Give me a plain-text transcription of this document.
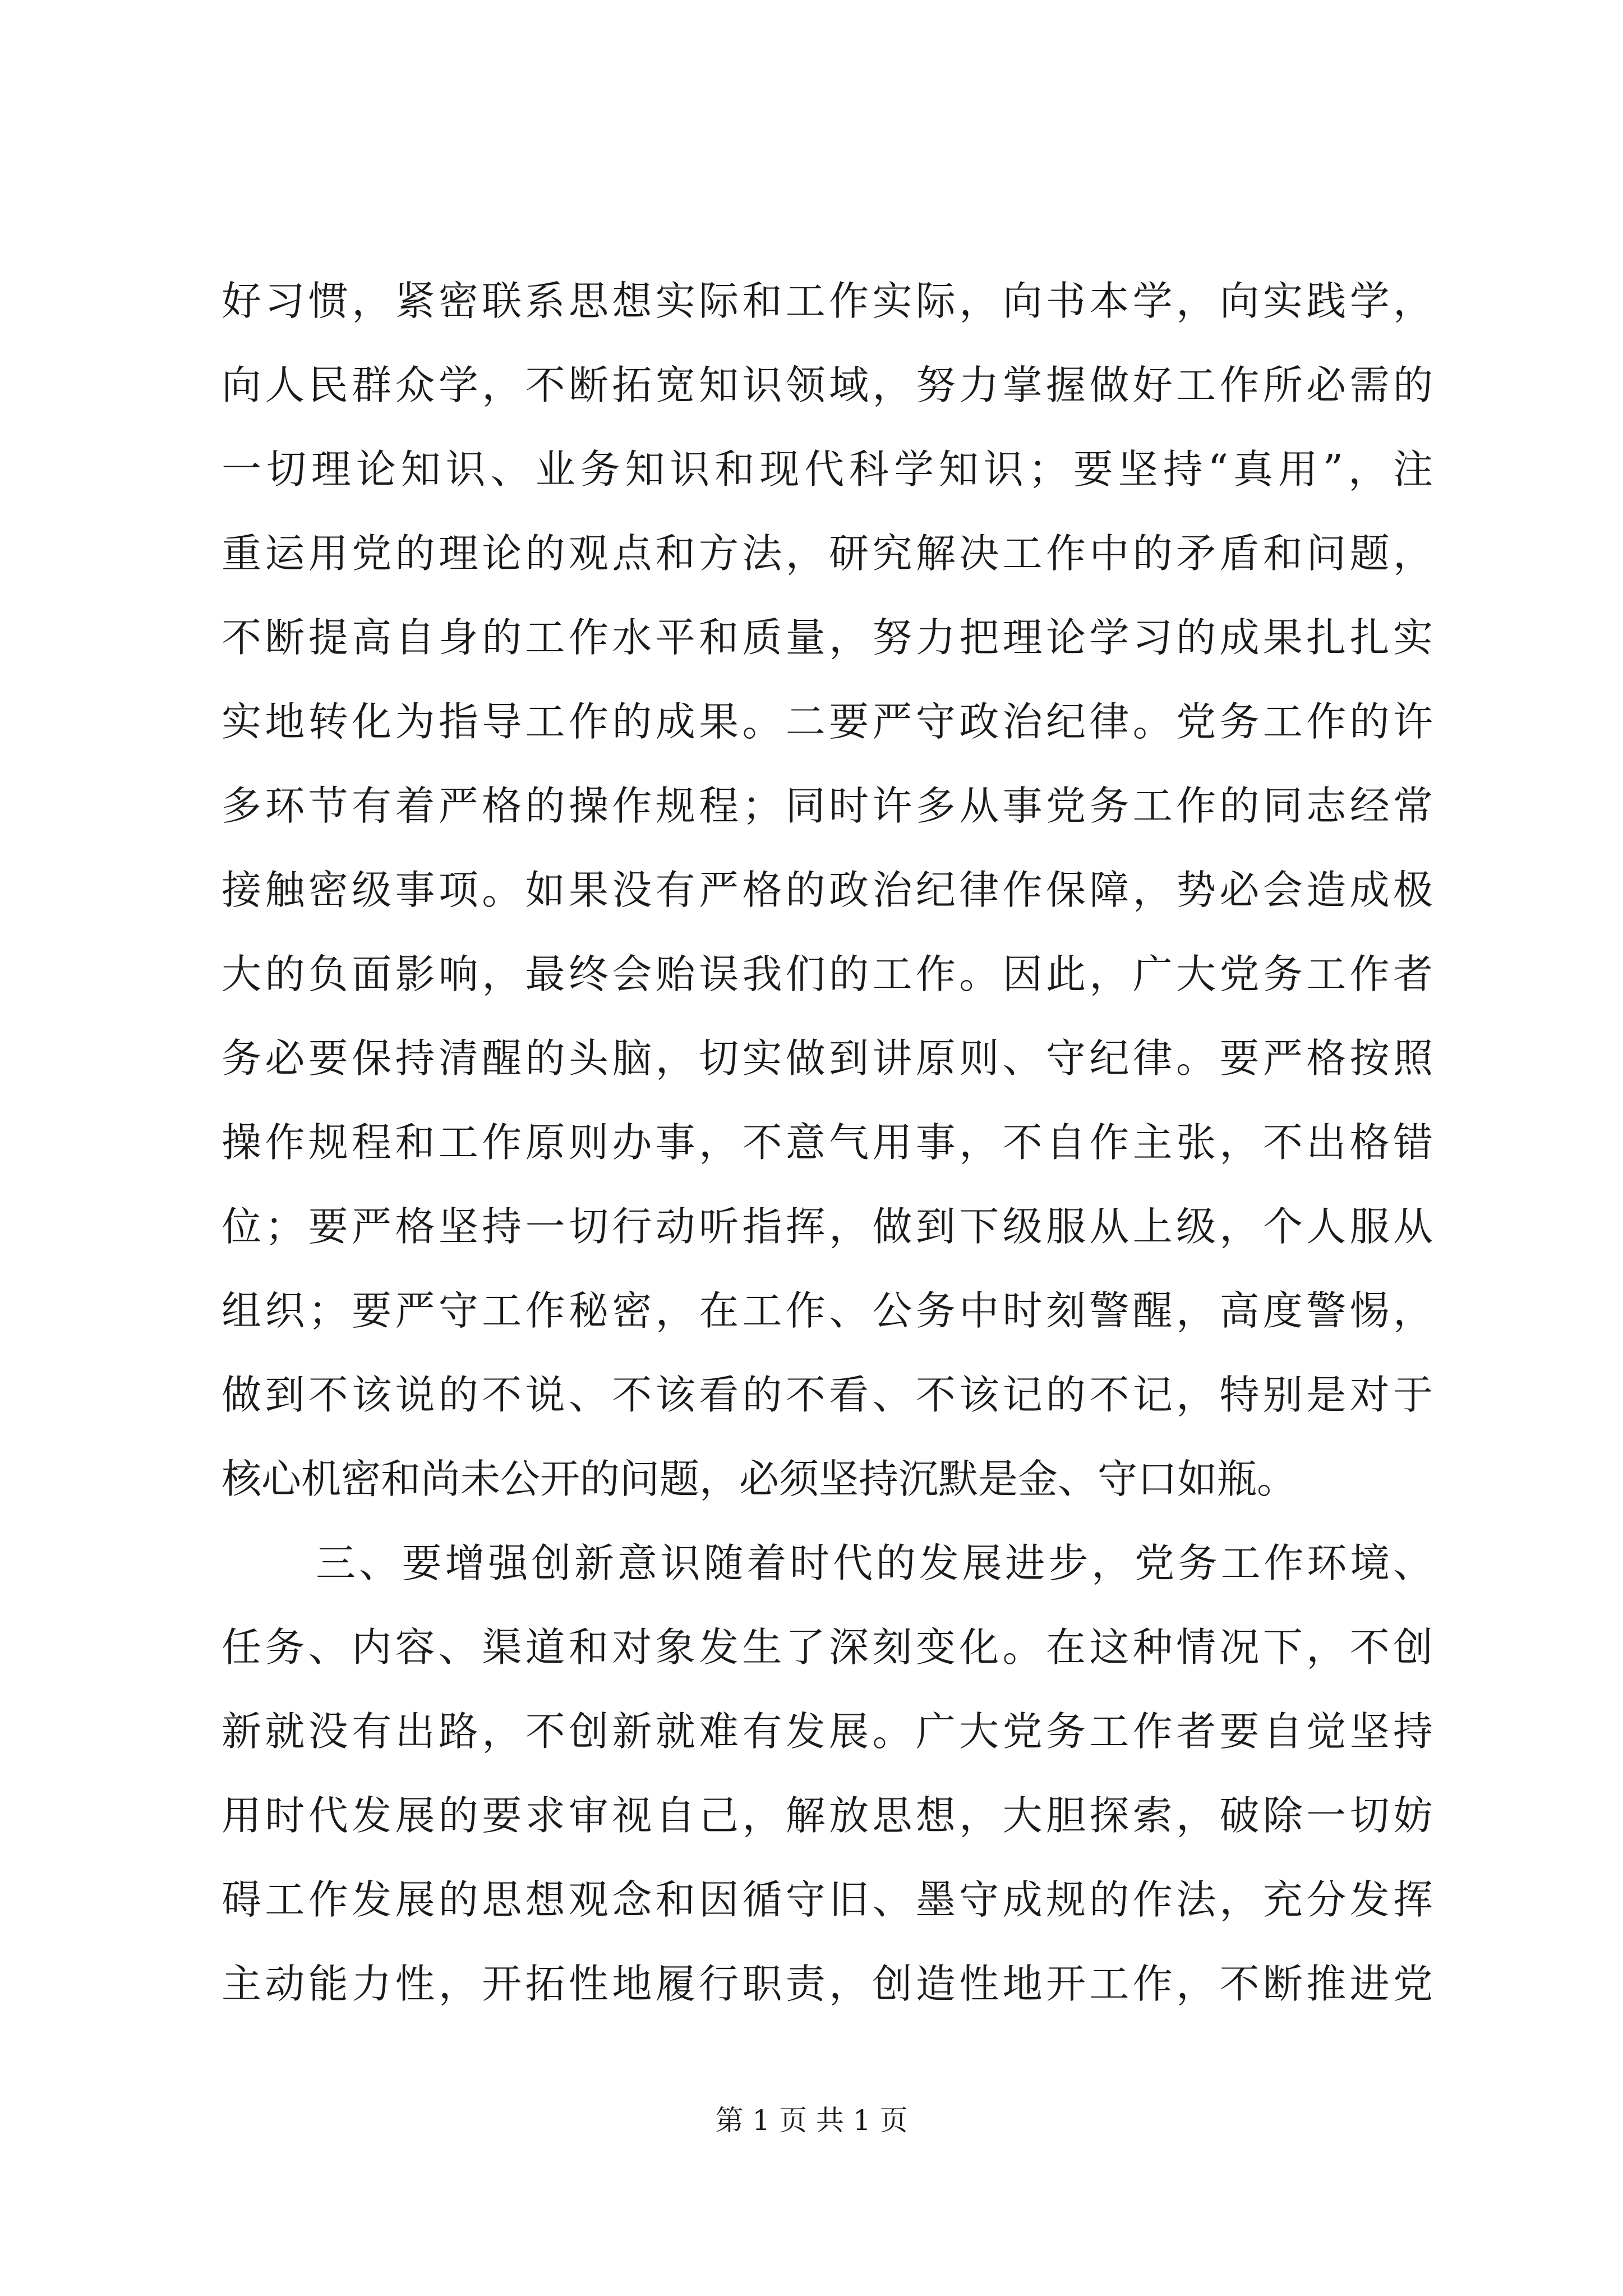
好习惯，紧密联系思想实际和工作实际，向书本学，向实践学，
向人民群众学，不断拓宽知识领域，努力掌握做好工作所必需的
一切理论知识、业务知识和现代科学知识；要坚持“真用”，注
重运用党的理论的观点和方法，研究解决工作中的矛盾和问题，
不断提高自身的工作水平和质量，努力把理论学习的成果扎扎实
实地转化为指导工作的成果。二要严守政治纪律。党务工作的许
多环节有着严格的操作规程；同时许多从事党务工作的同志经常
接触密级事项。如果没有严格的政治纪律作保障，势必会造成极
大的负面影响，最终会贻误我们的工作。因此，广大党务工作者
务必要保持清醒的头脑，切实做到讲原则、守纪律。要严格按照
操作规程和工作原则办事，不意气用事，不自作主张，不出格错
位；要严格坚持一切行动听指挥，做到下级服从上级，个人服从
组织；要严守工作秘密，在工作、公务中时刻警醒，高度警惕，
做到不该说的不说、不该看的不看、不该记的不记，特别是对于
核心机密和尚未公开的问题，必须坚持沉默是金、守口如瓶。
三、要增强创新意识随着时代的发展进步，党务工作环境、
任务、内容、渠道和对象发生了深刻变化。在这种情况下，不创
新就没有出路，不创新就难有发展。广大党务工作者要自觉坚持
用时代发展的要求审视自己，解放思想，大胆探索，破除一切妨
碍工作发展的思想观念和因循守旧、墨守成规的作法，充分发挥
主动能力性，开拓性地履行职责，创造性地开工作，不断推进党
第 1 页 共 1 页
